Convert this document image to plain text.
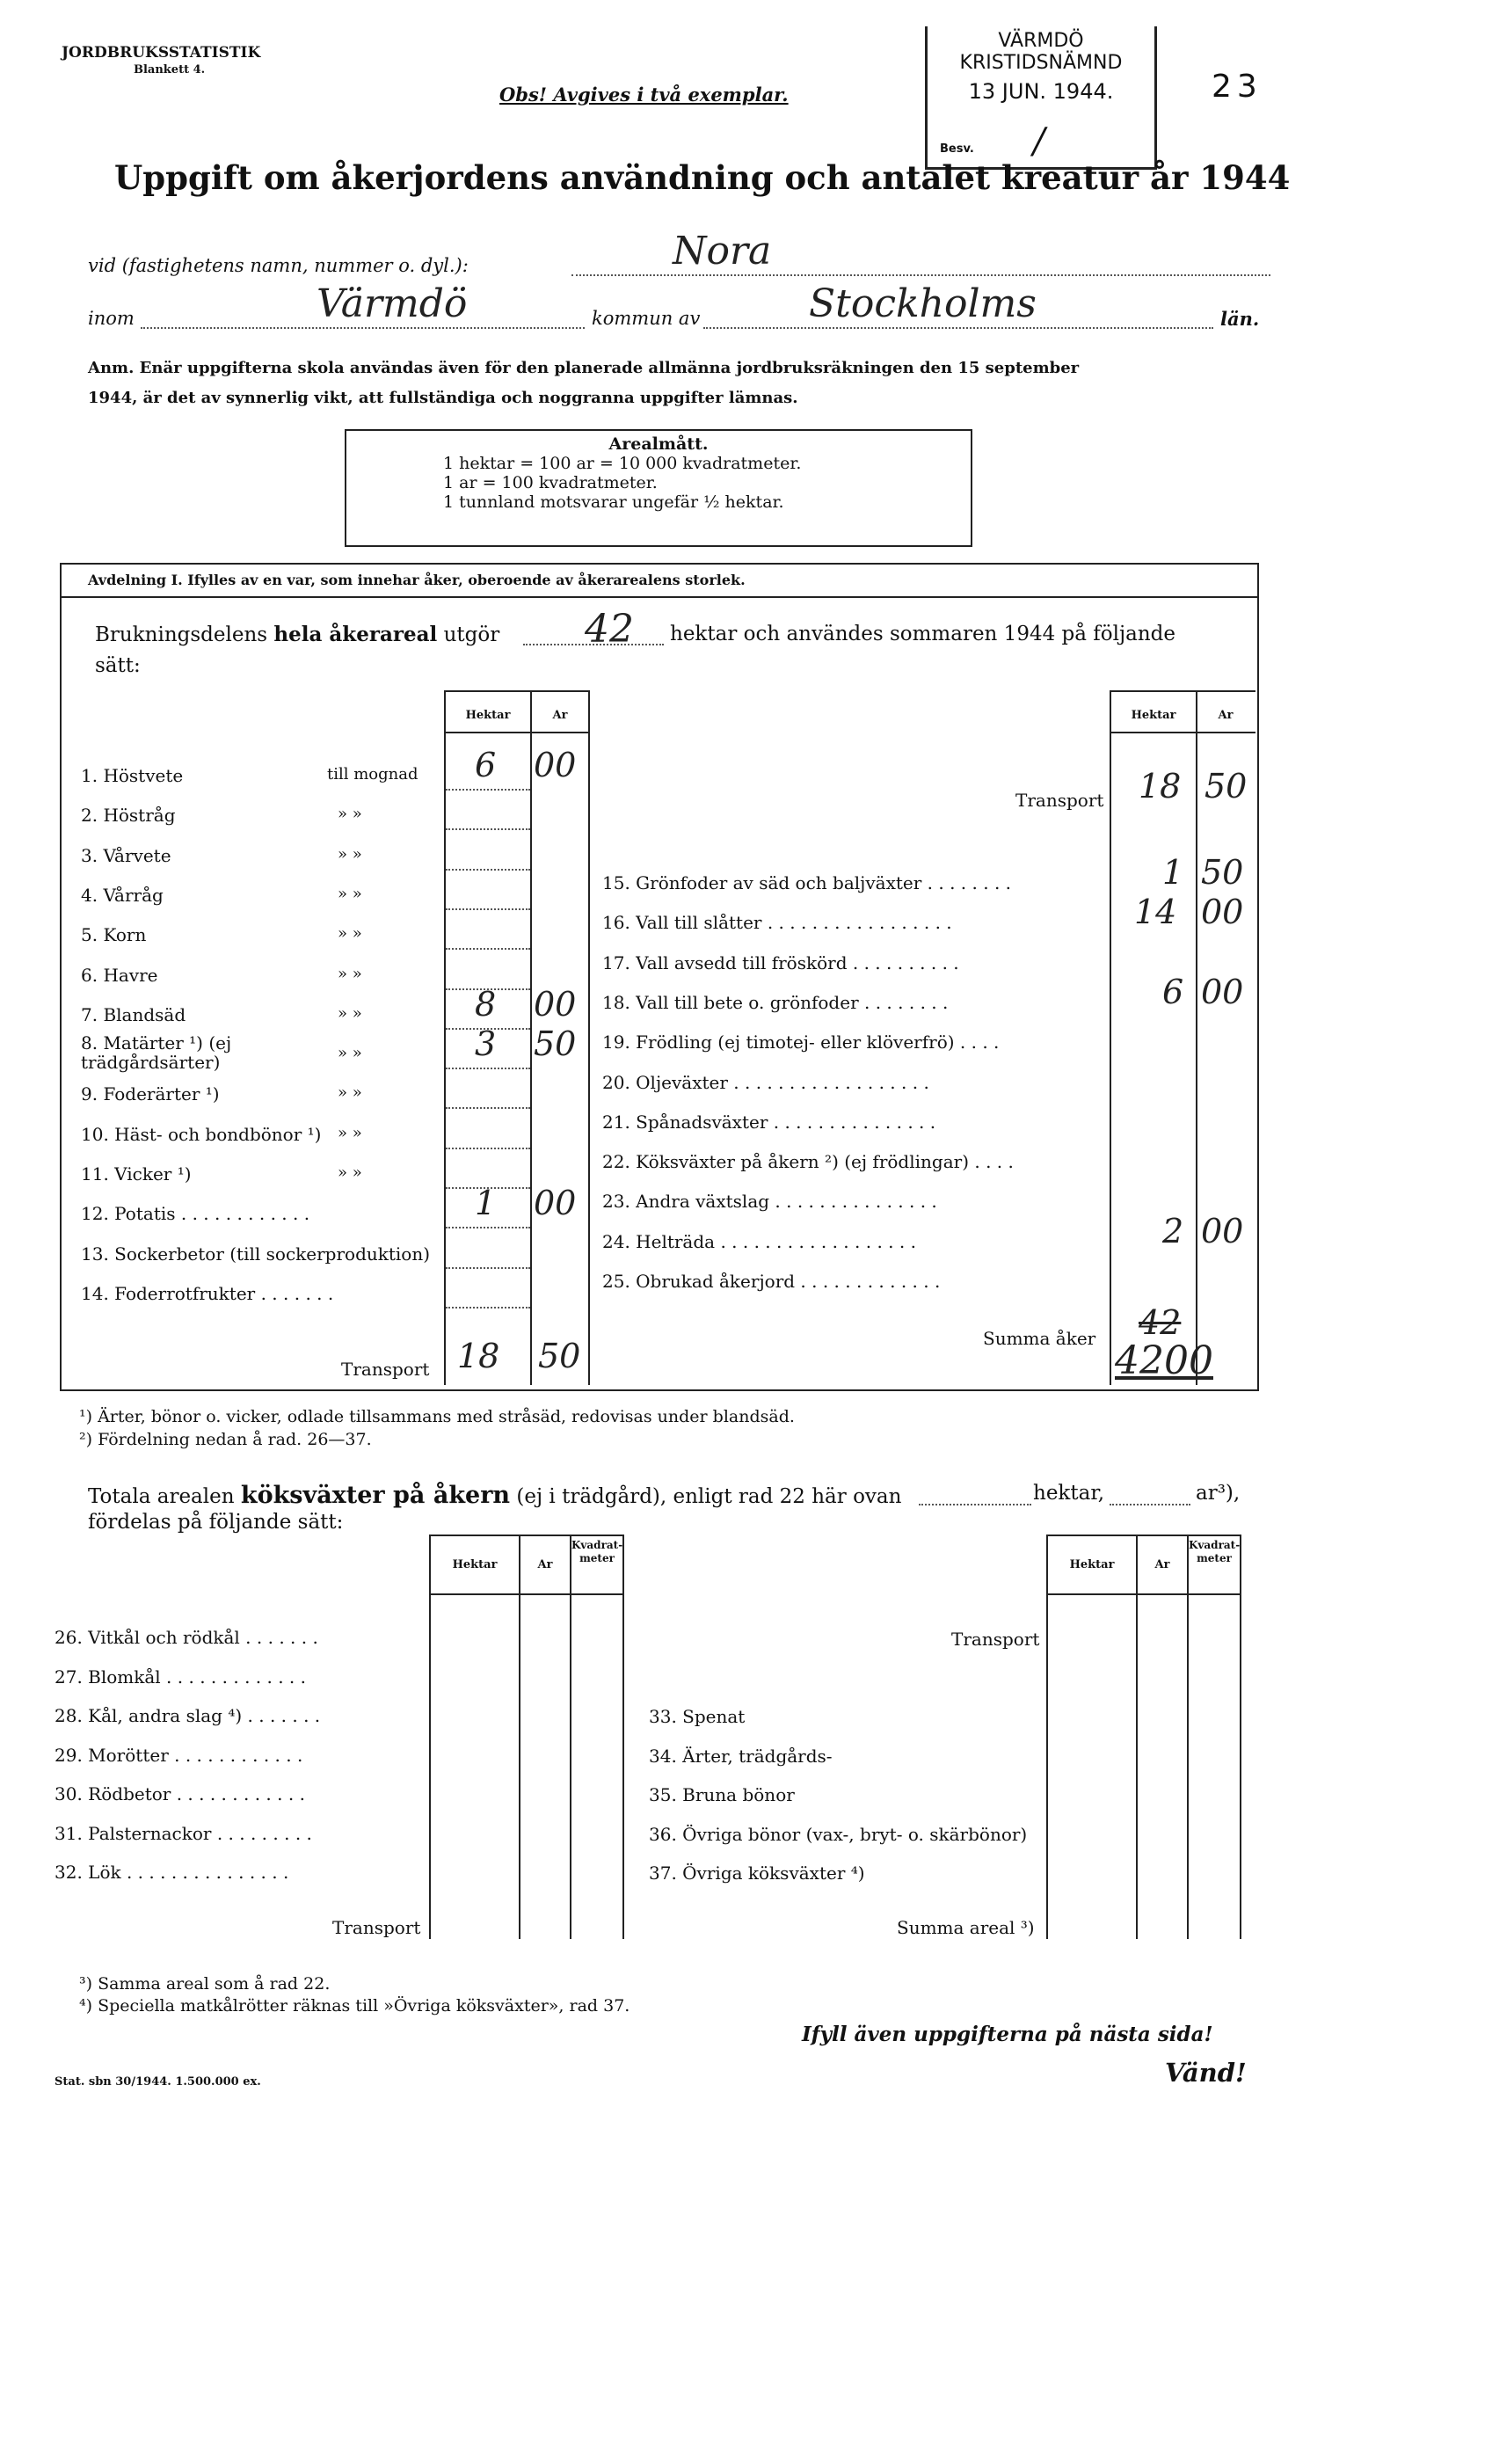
JORDBRUKSSTATISTIK
Blankett 4.
Obs! Avgives i två exemplar.	23
VÄRMDÖ
KRISTIDSNÄMND
13 JUN. 1944.
Besv. /
Uppgift om åkerjordens användning och antalet kreatur år 1944
vid (fastighetens namn, nummer o. dyl.):	Nora
inom	Värmdö	kommun av	Stockholms	län.
Anm. Enär uppgifterna skola användas även för den planerade allmänna jordbruksräkningen den 15 september
1944, är det av synnerlig vikt, att fullständiga och noggranna uppgifter lämnas.
Arealmått.
1 hektar = 100 ar = 10 000 kvadratmeter.
1 ar = 100 kvadratmeter.
1 tunnland motsvarar ungefär ⅟₂ hektar.
Avdelning I. Ifylles av en var, som innehar åker, oberoende av åkerarealens storlek.
Brukningsdelens hela åkerareal utgör 42 hektar och användes sommaren 1944 på följande
sätt:
Hektar	Ar	Hektar	Ar
1. Höstvete	till mognad 6 00
2. Höstråg	» »
3. Vårvete	» »
4. Vårråg	» »
5. Korn	» »
6. Havre	» »
7. Blandsäd	» »	8 00
8. Matärter ¹) (ej trädgårdsärter)	» »	3 50
9. Foderärter ¹)	» »
10. Häst- och bondbönor ¹) » »
11. Vicker ¹)	» »
12. Potatis . . . . . . . . . . . .	1 00
13. Sockerbetor (till sockerproduktion)
14. Foderrotfrukter . . . . . . .
Transport 18 50
Transport 18 50
15. Grönfoder av säd och baljväxter . . . . . . . .	1 50
16. Vall till slåtter . . . . . . . . . . . . . . . . .	14 00
17. Vall avsedd till fröskörd . . . . . . . . . .
18. Vall till bete o. grönfoder . . . . . . . .	6 00
19. Frödling (ej timotej- eller klöverfrö) . . . .
20. Oljeväxter . . . . . . . . . . . . . . . . . .
21. Spånadsväxter . . . . . . . . . . . . . . .
22. Köksväxter på åkern ²) (ej frödlingar) . . . .
23. Andra växtslag . . . . . . . . . . . . . . .
24. Helträda . . . . . . . . . . . . . . . . . .	2 00
25. Obrukad åkerjord . . . . . . . . . . . . .
Summa åker 42
4200
¹) Ärter, bönor o. vicker, odlade tillsammans med stråsäd, redovisas under blandsäd.
²) Fördelning nedan å rad. 26—37.
Totala arealen köksväxter på åkern (ej i trädgård), enligt rad 22 här ovan	hektar,	ar³),
fördelas på följande sätt:
Hektar	Ar
Kvadrat-meter	Hektar	Ar
Kvadrat-meter
26. Vitkål och rödkål . . . . . . .
27. Blomkål . . . . . . . . . . . . .
28. Kål, andra slag ⁴) . . . . . . .
29. Morötter . . . . . . . . . . . .
30. Rödbetor . . . . . . . . . . . .
31. Palsternackor . . . . . . . . .
32. Lök . . . . . . . . . . . . . . .
33. Spenat
34. Ärter, trädgårds-
35. Bruna bönor
36. Övriga bönor (vax-, bryt- o. skärbönor)
37. Övriga köksväxter ⁴)
Transport
Transport
Summa areal ³)
³) Samma areal som å rad 22.
⁴) Speciella matkålrötter räknas till »Övriga köksväxter», rad 37.
Ifyll även uppgifterna på nästa sida!
Vänd!
Stat. sbn 30/1944. 1.500.000 ex.
